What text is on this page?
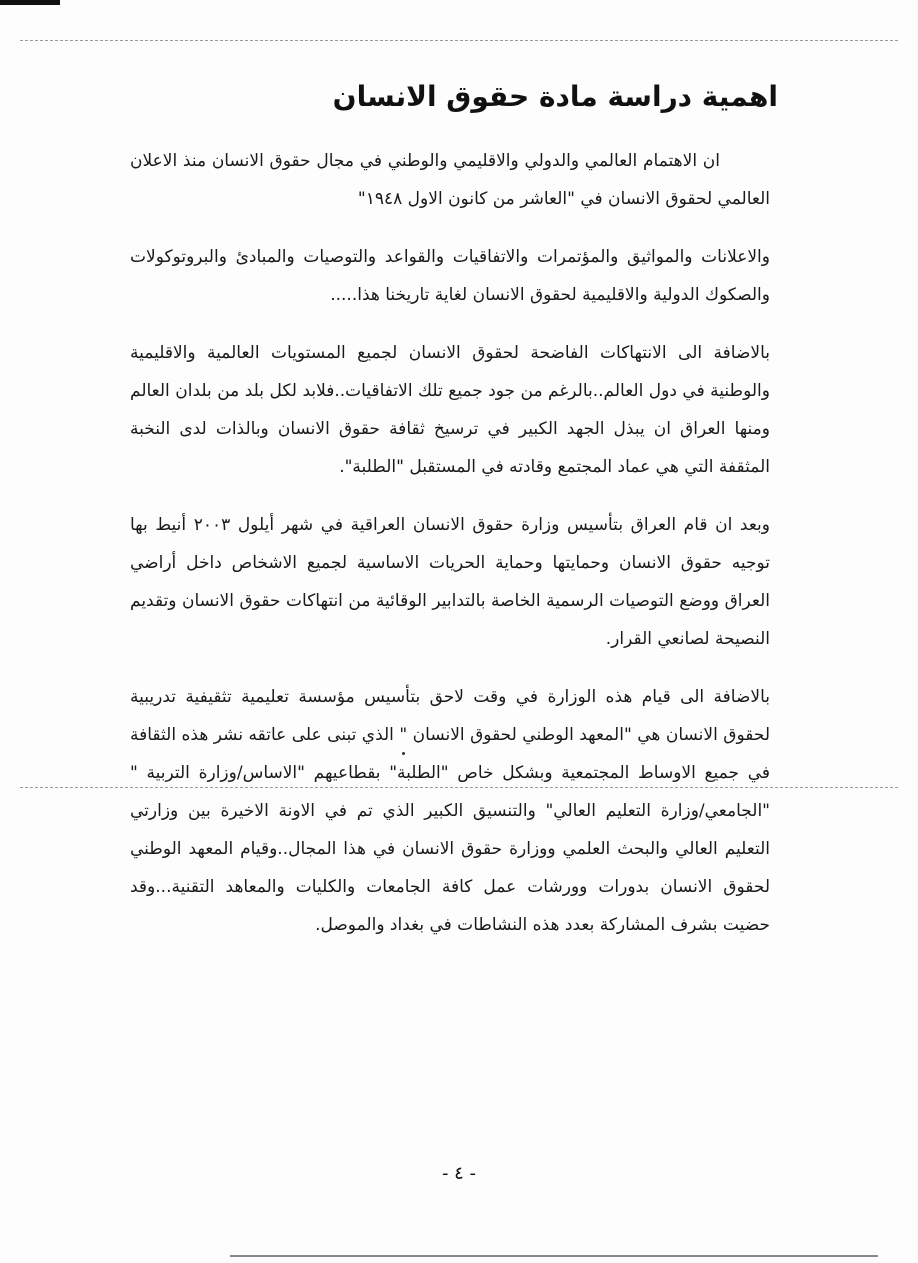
اهمية دراسة مادة حقوق الانسان

ان الاهتمام العالمي والدولي والاقليمي والوطني في مجال حقوق الانسان منذ الاعلان العالمي لحقوق الانسان في "العاشر من كانون الاول ١٩٤٨"

والاعلانات والمواثيق والمؤتمرات والاتفاقيات والقواعد والتوصيات والمبادئ والبروتوكولات والصكوك الدولية والاقليمية لحقوق الانسان لغاية تاريخنا هذا.....

بالاضافة الى الانتهاكات الفاضحة لحقوق الانسان لجميع المستويات العالمية والاقليمية والوطنية في دول العالم..بالرغم من جود جميع تلك الاتفاقيات..فلابد لكل بلد من بلدان العالم ومنها العراق ان يبذل الجهد الكبير في ترسيخ ثقافة حقوق الانسان وبالذات لدى النخبة المثقفة التي هي عماد المجتمع وقادته في المستقبل "الطلبة".

وبعد ان قام العراق بتأسيس وزارة حقوق الانسان العراقية في شهر أيلول ٢٠٠٣ أنيط بها توجيه حقوق الانسان وحمايتها وحماية الحريات الاساسية لجميع الاشخاص داخل أراضي العراق ووضع التوصيات الرسمية الخاصة بالتدابير الوقائية من انتهاكات حقوق الانسان وتقديم النصيحة لصانعي القرار.

بالاضافة الى قيام هذه الوزارة في وقت لاحق بتأسيس مؤسسة تعليمية تثقيفية تدريبية لحقوق الانسان هي "المعهد الوطني لحقوق الانسان " الذي تبنى على عاتقه نشر هذه الثقافة في جميع الاوساط المجتمعية وبشكل خاص "الطلبة" بقطاعيهم "الاساس/وزارة التربية " "الجامعي/وزارة التعليم العالي" والتنسيق الكبير الذي تم في الاونة الاخيرة بين وزارتي التعليم العالي والبحث العلمي ووزارة حقوق الانسان في هذا المجال..وقيام المعهد الوطني لحقوق الانسان بدورات وورشات عمل كافة الجامعات والكليات والمعاهد التقنية...وقد حضيت بشرف المشاركة بعدد هذه النشاطات في بغداد والموصل.

- ٤ -
